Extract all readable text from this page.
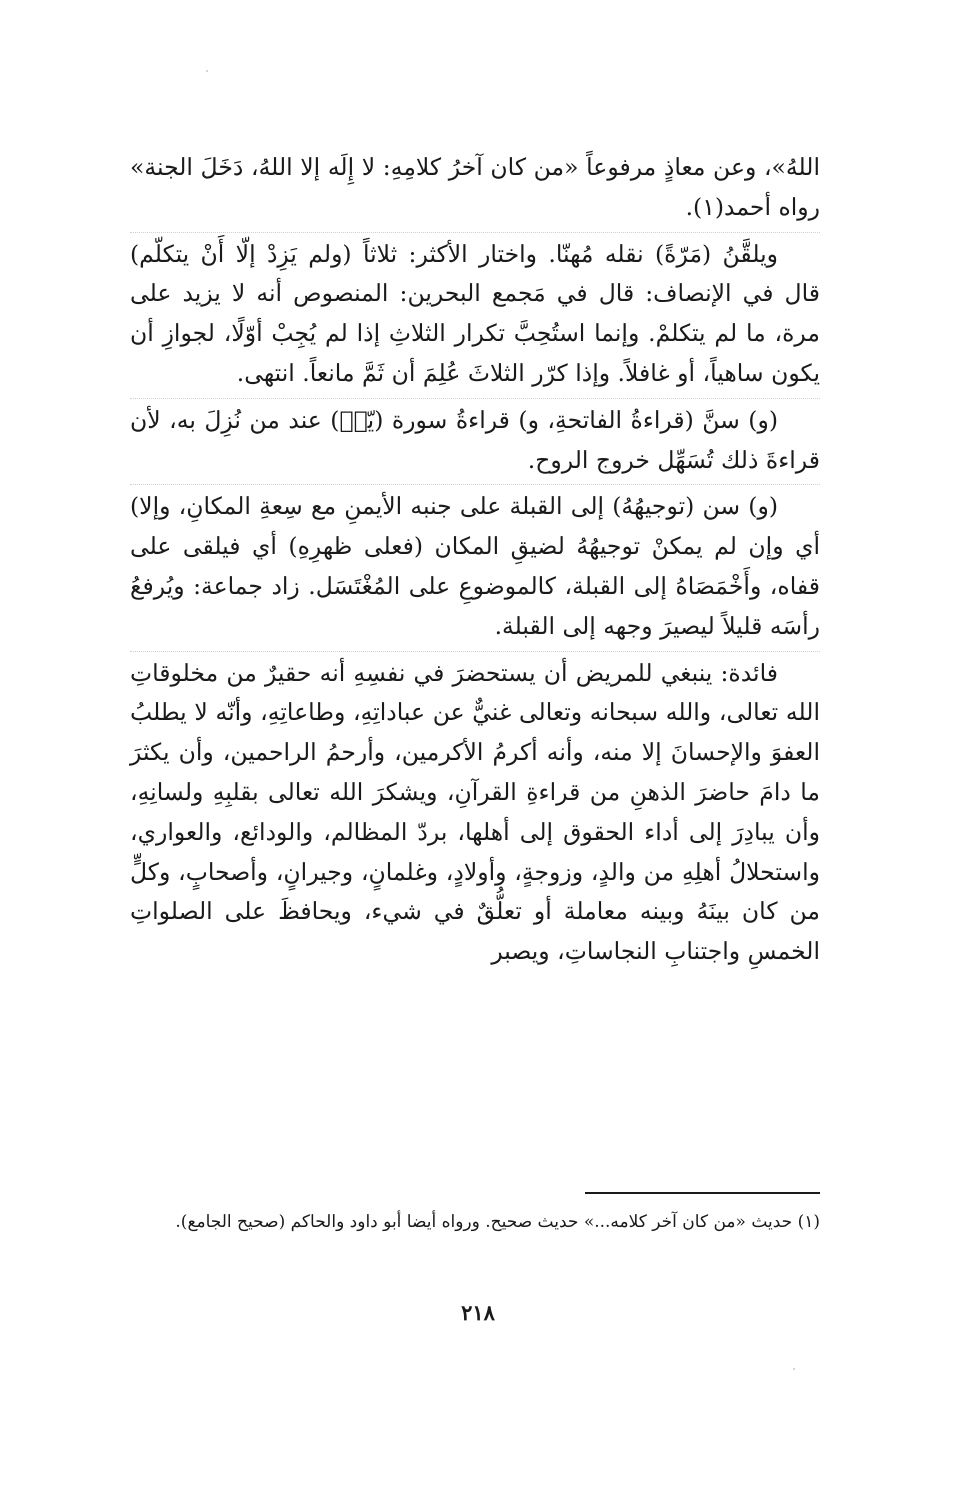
اللهُ»، وعن معاذٍ مرفوعاً «من كان آخرُ كلامِهِ: لا إِلَه إلا اللهُ، دَخَلَ الجنة» رواه أحمد(١).

ويلقَّنُ (مَرّةً) نقله مُهنّا. واختار الأكثر: ثلاثاً (ولم يَزِدْ إلّا أَنْ يتكلّم) قال في الإنصاف: قال في مَجمع البحرين: المنصوص أنه لا يزيد على مرة، ما لم يتكلمْ. وإنما استُحِبَّ تكرار الثلاثِ إذا لم يُجِبْ أوّلًا، لجوازِ أن يكون ساهياً، أو غافلاً. وإذا كرّر الثلاثَ عُلِمَ أن ثَمَّ مانعاً. انتهى.

(و) سنَّ (قراءةُ الفاتحةِ، و) قراءةُ سورة (يّسۤ) عند من نُزِلَ به، لأن قراءةَ ذلك تُسَهِّل خروج الروح.

(و) سن (توجيهُهُ) إلى القبلة على جنبه الأيمنِ مع سِعةِ المكانِ، وإلا) أي وإن لم يمكنْ توجيهُهُ لضيقِ المكان (فعلى ظهرِهِ) أي فيلقى على قفاه، وأَخْمَصَاهُ إلى القبلة، كالموضوعِ على المُغْتَسَل. زاد جماعة: ويُرفعُ رأسَه قليلاً ليصيرَ وجهه إلى القبلة.

فائدة: ينبغي للمريض أن يستحضرَ في نفسِهِ أنه حقيرٌ من مخلوقاتِ الله تعالى، والله سبحانه وتعالى غنيٌّ عن عباداتِهِ، وطاعاتِهِ، وأنّه لا يطلبُ العفوَ والإحسانَ إلا منه، وأنه أكرمُ الأكرمين، وأرحمُ الراحمين، وأن يكثرَ ما دامَ حاضرَ الذهنِ من قراءةِ القرآنِ، ويشكرَ الله تعالى بقلبِهِ ولسانِهِ، وأن يبادِرَ إلى أداء الحقوق إلى أهلها، بردّ المظالم، والودائع، والعواري، واستحلالُ أهلِهِ من والدٍ، وزوجةٍ، وأولادٍ، وغلمانٍ، وجيرانٍ، وأصحابٍ، وكلٍّ من كان بينَهُ وبينه معاملة أو تعلُّقٌ في شيء، ويحافظَ على الصلواتِ الخمسِ واجتنابِ النجاساتِ، ويصبر

(١) حديث «من كان آخر كلامه...» حديث صحيح. ورواه أيضا أبو داود والحاكم (صحيح الجامع).
٢١٨
